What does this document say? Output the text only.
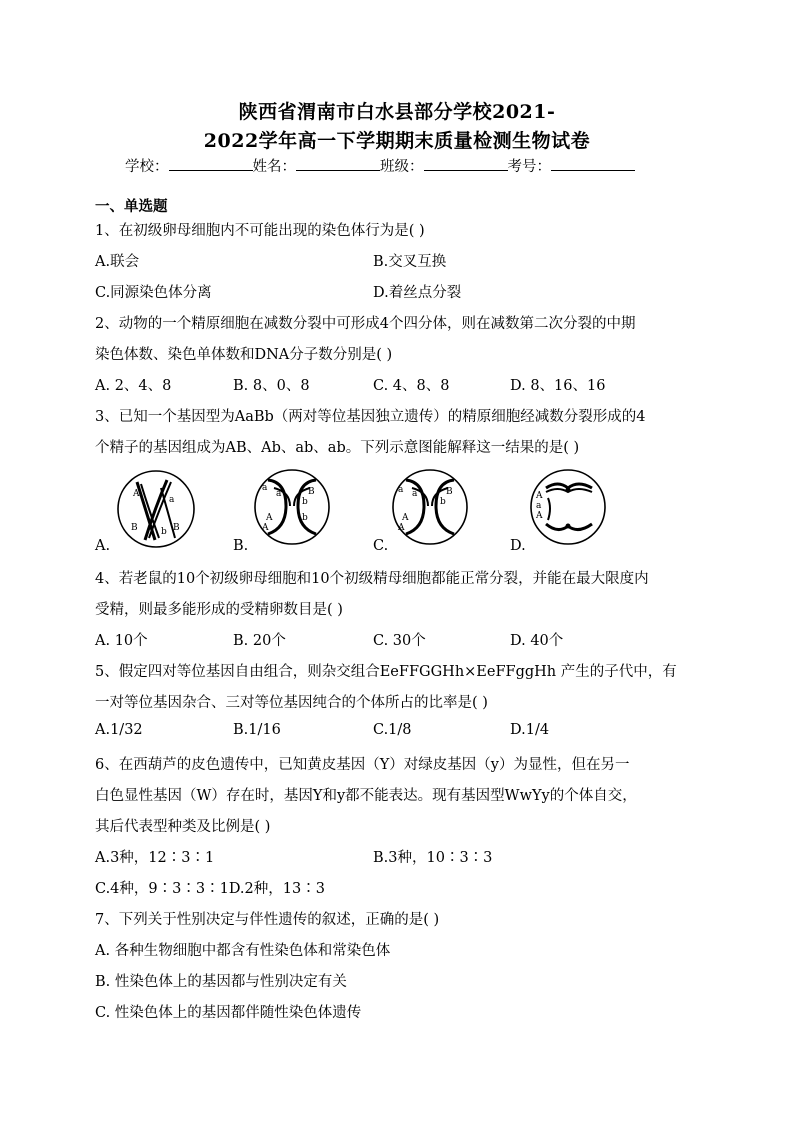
陕西省渭南市白水县部分学校2021-
2022学年高一下学期期末质量检测生物试卷
学校：	姓名：	班级：	考号：
一、单选题
1、在初级卵母细胞内不可能出现的染色体行为是( )
A.联会	B.交叉互换
C.同源染色体分离	D.着丝点分裂
2、动物的一个精原细胞在减数分裂中可形成4个四分体，则在减数第二次分裂的中期
染色体数、染色单体数和DNA分子数分别是( )
A. 2、4、8	B. 8、0、8	C. 4、8、8	D. 8、16、16
3、已知一个基因型为AaBb（两对等位基因独立遗传）的精原细胞经减数分裂形成的4
个精子的基因组成为AB、Ab、ab、ab。下列示意图能解释这一结果的是( )
A
a
B	B
b
A.
a
a	B
b
A	b
A
B.
a a	B
b
A
A
C.
A
a
A
D.
4、若老鼠的10个初级卵母细胞和10个初级精母细胞都能正常分裂，并能在最大限度内
受精，则最多能形成的受精卵数目是( )
A. 10个	B. 20个	C. 30个	D. 40个
5、假定四对等位基因自由组合，则杂交组合EeFFGGHh×EeFFggHh 产生的子代中，有
一对等位基因杂合、三对等位基因纯合的个体所占的比率是( )
A.1/32	B.1/16	C.1/8	D.1/4
6、在西葫芦的皮色遗传中，已知黄皮基因（Y）对绿皮基因（y）为显性，但在另一
白色显性基因（W）存在时，基因Y和y都不能表达。现有基因型WwYy的个体自交，
其后代表型种类及比例是( )
A.3种，12∶3∶1	B.3种，10∶3∶3
C.4种，9∶3∶3∶1D.2种，13∶3
7、下列关于性别决定与伴性遗传的叙述，正确的是( )
A. 各种生物细胞中都含有性染色体和常染色体
B. 性染色体上的基因都与性别决定有关
C. 性染色体上的基因都伴随性染色体遗传
